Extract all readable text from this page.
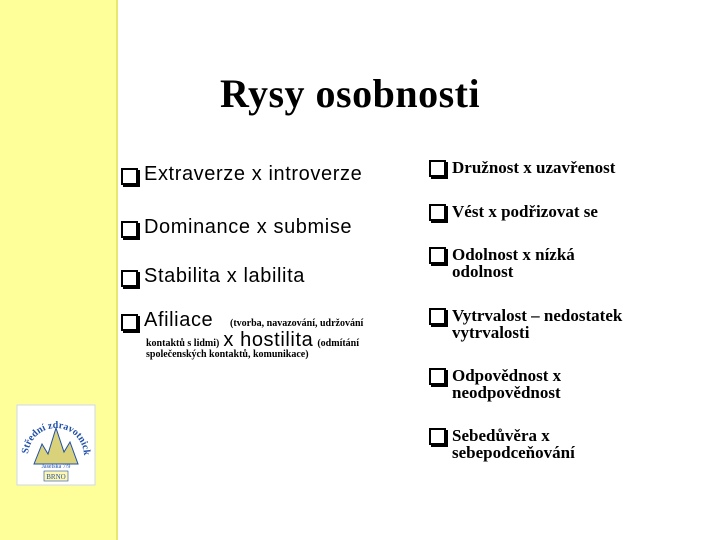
Rysy osobnosti
Extraverze x introverze
Dominance x submise
Stabilita x labilita
Afiliace (tvorba, navazování, udržování
kontaktů s lidmi) x hostilita (odmítání
společenských kontaktů, komunikace)
Družnost x uzavřenost
Vést x podřizovat se
Odolnost x nízká
odolnost
Vytrvalost – nedostatek
vytrvalosti
Odpovědnost x
neodpovědnost
Sebedůvěra x
sebepodceňování
Střední zdravotnick
Jaselská 7/9
BRNO
